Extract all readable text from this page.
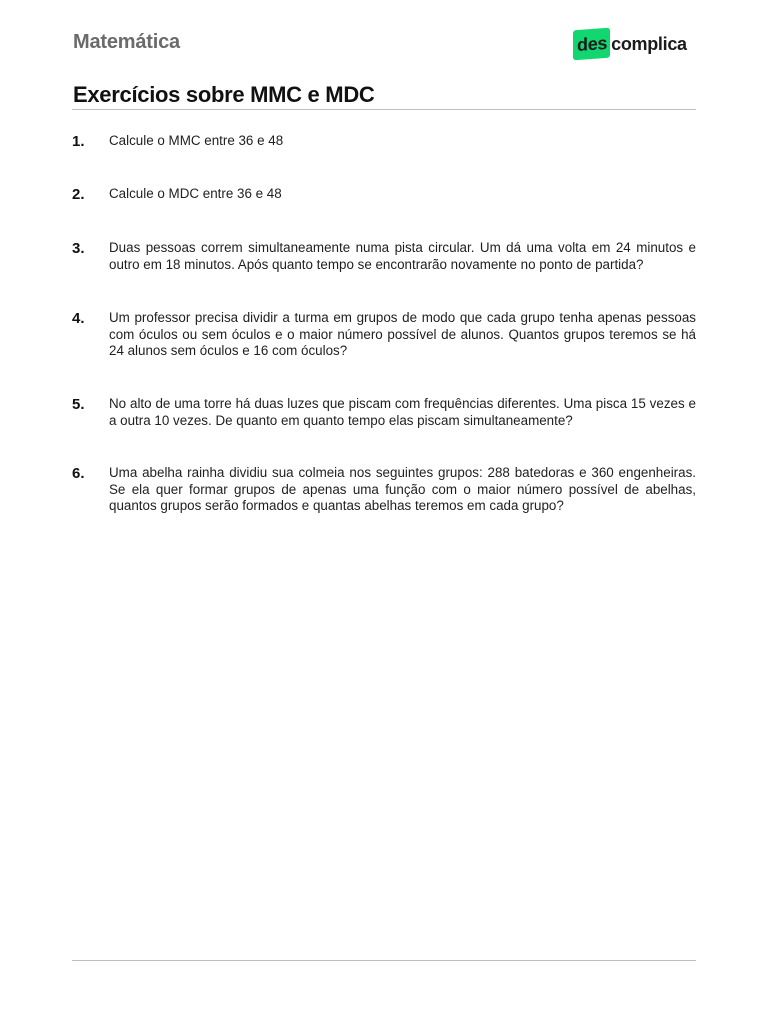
Matemática	des complica
Exercícios sobre MMC e MDC
1.	Calcule o MMC entre 36 e 48
2.	Calcule o MDC entre 36 e 48
3.	Duas pessoas correm simultaneamente numa pista circular. Um dá uma volta em 24 minutos e outro em 18 minutos. Após quanto tempo se encontrarão novamente no ponto de partida?
4.	Um professor precisa dividir a turma em grupos de modo que cada grupo tenha apenas pessoas com óculos ou sem óculos e o maior número possível de alunos. Quantos grupos teremos se há 24 alunos sem óculos e 16 com óculos?
5.	No alto de uma torre há duas luzes que piscam com frequências diferentes. Uma pisca 15 vezes e a outra 10 vezes. De quanto em quanto tempo elas piscam simultaneamente?
6.	Uma abelha rainha dividiu sua colmeia nos seguintes grupos: 288 batedoras e 360 engenheiras. Se ela quer formar grupos de apenas uma função com o maior número possível de abelhas, quantos grupos serão formados e quantas abelhas teremos em cada grupo?
